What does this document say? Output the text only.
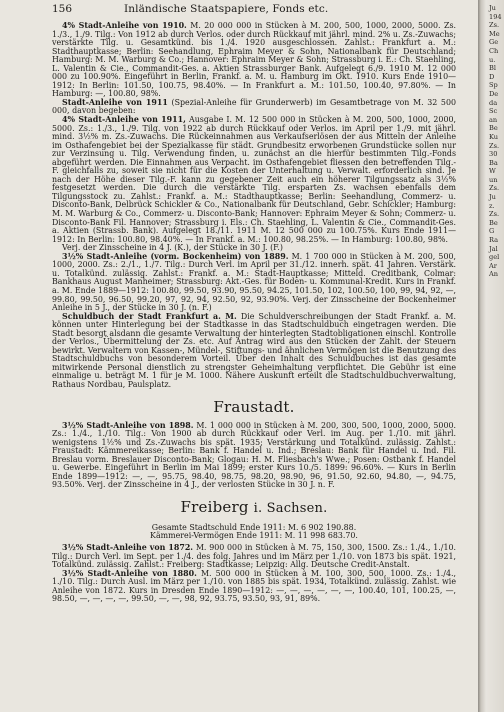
156	Inländische Staatspapiere, Fonds etc.

4% Stadt-Anleihe von 1910. M. 20 000 000 in Stücken à M. 200, 500, 1000, 2000, 5000. Zs. 1./3., 1./9. Tilg.: Von 1912 ab durch Verlos. oder durch Rückkauf mit jährl. mind. 2% u. Zs.-Zuwachs; verstärkte Tilg. u. Gesamtkünd. bis 1./4. 1920 ausgeschlossen. Zahlst.: Frankfurt a. M.: Stadthauptkasse; Berlin: Seehandlung, Ephraim Meyer & Sohn, Nationalbank für Deutschland; Hamburg: M. M. Warburg & Co.; Hannover: Ephraim Meyer & Sohn; Strassburg i. E.: Ch. Staehling, L. Valentin & Cie., Commandit-Ges. a. Aktien Strassburger Bank. Aufgelegt 6./9. 1910 M. 12 000 000 zu 100.90%. Eingeführt in Berlin, Frankf. a. M. u. Hamburg im Okt. 1910. Kurs Ende 1910—1912: In Berlin: 101.50, 100.75, 98.40%. — In Frankfurt a. M.: 101.50, 100.40, 97.80%. — In Hamburg: —, 100.80, 98%.

Stadt-Anleihe von 1911 (Spezial-Anleihe für Grunderwerb) im Gesamtbetrage von M. 32 500 000, davon begeben:

4% Stadt-Anleihe von 1911, Ausgabe I. M. 12 500 000 in Stücken à M. 200, 500, 1000, 2000, 5000. Zs.: 1./3., 1./9. Tilg. von 1922 ab durch Rückkauf oder Verlos. im April per 1./9. mit jährl. mind. 3½% m. Zs.-Zuwachs. Die Rückeinnahmen aus Verkaufserlösen der aus Mitteln der Anleihe im Osthafengebiet bei der Spezialkasse für städt. Grundbesitz erworbenen Grundstücke sollen nur zur Verzinsung u. Tilg. Verwendung finden, u. zunächst an die hierfür bestimmten Tilg.-Fonds abgeführt werden. Die Einnahmen aus Verpacht. im Osthafengebiet fliessen den betreffenden Tilg.-F. gleichfalls zu, soweit sie nicht für die Kosten der Unterhaltung u. Verwalt. erforderlich sind. Je nach der Höhe dieser Tilg.-F. kann zu gegebener Zeit auch ein höherer Tilgungssatz als 3½% festgesetzt werden. Die durch die verstärkte Tilg. ersparten Zs. wachsen ebenfalls dem Tilgungsstock zu. Zahlst.: Frankf. a. M.: Stadthauptkasse; Berlin: Seehandlung, Commerz- u. Disconto-Bank, Delbrück Schickler & Co., Nationalbank für Deutschland, Gebr. Schickler; Hamburg: M. M. Warburg & Co., Commerz- u. Disconto-Bank; Hannover: Ephraim Meyer & Sohn; Commerz- u. Disconto-Bank Fil. Hannover; Strassburg i. Els.: Ch. Staehling, L. Valentin & Cie., Commandit-Ges. a. Aktien (Strassb. Bank). Aufgelegt 18./11. 1911 M. 12 500 000 zu 100.75%. Kurs Ende 1911—1912: In Berlin: 100.80, 98.40%. — In Frankf. a. M.: 100.80, 98.25%. — In Hamburg: 100.80, 98%.

Verj. der Zinsscheine in 4 J. (K.), der Stücke in 30 J. (F.)

3½% Stadt-Anleihe (vorm. Bockenheim) von 1889. M. 1 700 000 in Stücken à M. 200, 500, 1000, 2000. Zs.: 2./1., 1./7. Tilg.: Durch Verl. im April per 31./12. innerh. spät. 41 Jahren. Verstärk. u. Totalkünd. zulässig. Zahlst.: Frankf. a. M.: Stadt-Hauptkasse; Mitteld. Creditbank, Colmar: Bankhaus August Manheimer; Strassburg: Akt.-Ges. für Boden- u. Kommunal-Kredit. Kurs in Frankf. a. M. Ende 1889—1912: 100.80, 99.50, 93.90, 95.50, 94.25, 101.50, 102, 100.50, 100, 99, 94, 92, —, 99.80, 99.50, 96.50, 99.20, 97, 92, 94, 92.50, 92, 93.90%. Verj. der Zinsscheine der Bockenheimer Anleihe in 5 J., der Stücke in 30 J. (n. F.)

Schuldbuch der Stadt Frankfurt a. M. Die Schuldverschreibungen der Stadt Frankf. a. M. können unter Hinterlegung bei der Stadtkasse in das Stadtschuldbuch eingetragen werden. Die Stadt besorgt alsdann die gesamte Verwaltung der hinterlegten Stadtobligationen einschl. Kontrolle der Verlos., Übermittelung der Zs. etc. Auf Antrag wird aus den Stücken der Zahlt. der Steuern bewirkt. Verwaltern von Kassen-, Mündel-, Stiftungs- und ähnlichen Vermögen ist die Benutzung des Stadtschuldbuchs von besonderem Vorteil. Über den Inhalt des Schuldbuches ist das gesamte mitwirkende Personal dienstlich zu strengster Geheimhaltung verpflichtet. Die Gebühr ist eine einmalige u. beträgt M. 1 für je M. 1000. Nähere Auskunft erteilt die Stadtschuldbuchverwaltung, Rathaus Nordbau, Paulsplatz.

Fraustadt.

3½% Stadt-Anleihe von 1898. M. 1 000 000 in Stücken à M. 200, 300, 500, 1000, 2000, 5000. Zs.: 1./4., 1./10. Tilg.: Von 1900 ab durch Rückkauf oder Verl. im Aug. per 1./10. mit jährl. wenigstens 1½% und Zs.-Zuwachs bis spät. 1935; Verstärkung und Totalkünd. zulässig. Zahlst.: Fraustadt: Kämmereikasse; Berlin: Bank f. Handel u. Ind.; Breslau: Bank für Handel u. Ind. Fil. Breslau vorm. Breslauer Disconto-Bank; Glogau: H. M. Fliesbach's Wwe.; Posen: Ostbank f. Handel u. Gewerbe. Eingeführt in Berlin im Mai 1899; erster Kurs 10./5. 1899: 96.60%. — Kurs in Berlin Ende 1899—1912: —, —, 95.75, 98.40, 98.75, 98.20, 98.90, 96, 91.50, 92.60, 94.80, —, 94.75, 93.50%. Verj. der Zinsscheine in 4 J., der verlosten Stücke in 30 J. n. F.

Freiberg i. Sachsen.

Gesamte Stadtschuld Ende 1911: M. 6 902 190.88.

Kämmerei-Vermögen Ende 1911: M. 11 998 683.70.

3½% Stadt-Anleihe von 1872. M. 900 000 in Stücken à M. 75, 150, 300, 1500. Zs.: 1./4., 1./10. Tilg.: Durch Verl. im Sept. per 1./4. des folg. Jahres und im März per 1./10. von 1873 bis spät. 1921, Totalkünd. zulässig. Zahlst.: Freiberg: Stadtkasse; Leipzig: Allg. Deutsche Credit-Anstalt.

3½% Stadt-Anleihe von 1880. M. 500 000 in Stücken à M. 100, 300, 500, 1000. Zs.: 1./4., 1./10. Tilg.: Durch Ausl. im März per 1./10. von 1885 bis spät. 1934, Totalkünd. zulässig. Zahlst. wie Anleihe von 1872. Kurs in Dresden Ende 1890—1912: —, —, —, —, —, —, 100.40, 101, 100.25, —, 98.50, —, —, —, —, 99.50, —, —, 98, 92, 93.75, 93.50, 93, 91, 89%.

Ju
194
Zs.
Me
Ge
Ch
u.
Bl
D
Sp
De
da
Sc
an
Be
Ku
Zs.
30
Ba
W
un
Zs.
Ju
z.
Zs.
Be
G
Ra
Jal
gel
Ar
An
